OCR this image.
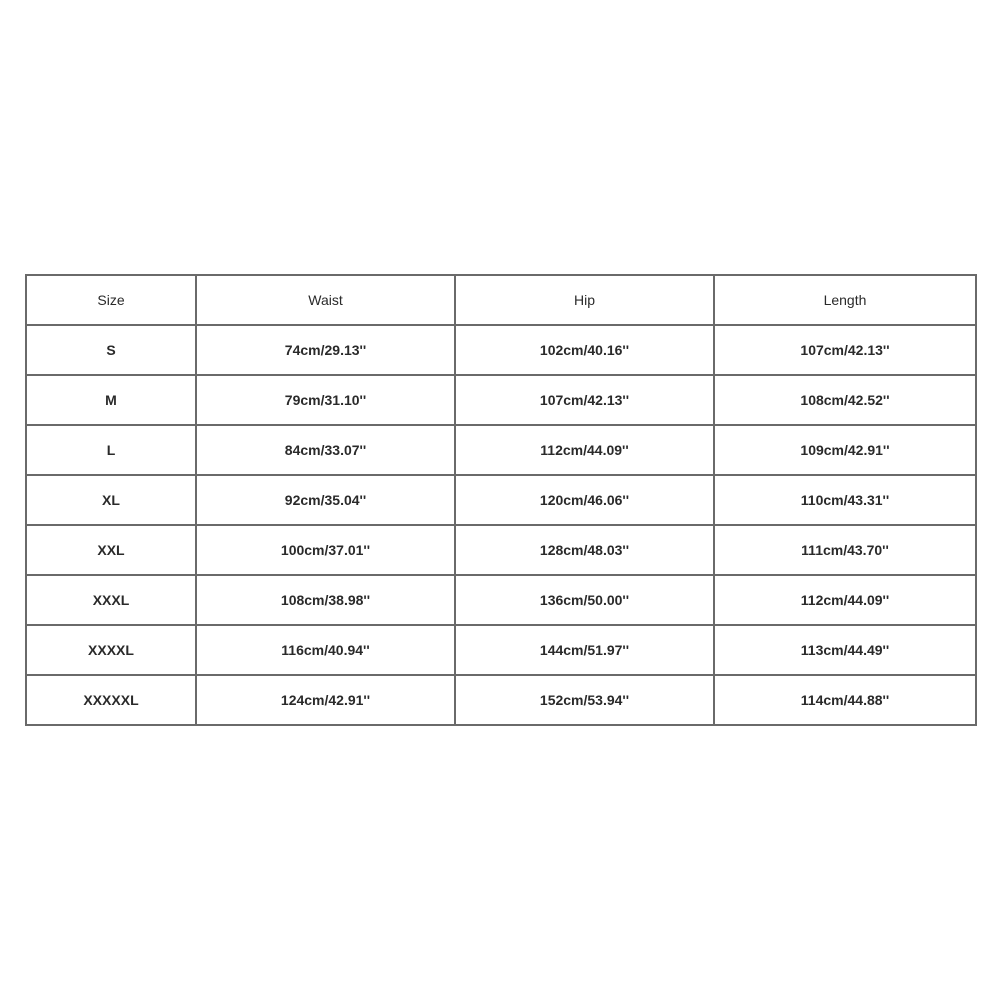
Size	Waist	Hip	Length
S	74cm/29.13''	102cm/40.16''	107cm/42.13''
M	79cm/31.10''	107cm/42.13''	108cm/42.52''
L	84cm/33.07''	112cm/44.09''	109cm/42.91''
XL	92cm/35.04''	120cm/46.06''	110cm/43.31''
XXL	100cm/37.01''	128cm/48.03''	111cm/43.70''
XXXL	108cm/38.98''	136cm/50.00''	112cm/44.09''
XXXXL	116cm/40.94''	144cm/51.97''	113cm/44.49''
XXXXXL	124cm/42.91''	152cm/53.94''	114cm/44.88''
